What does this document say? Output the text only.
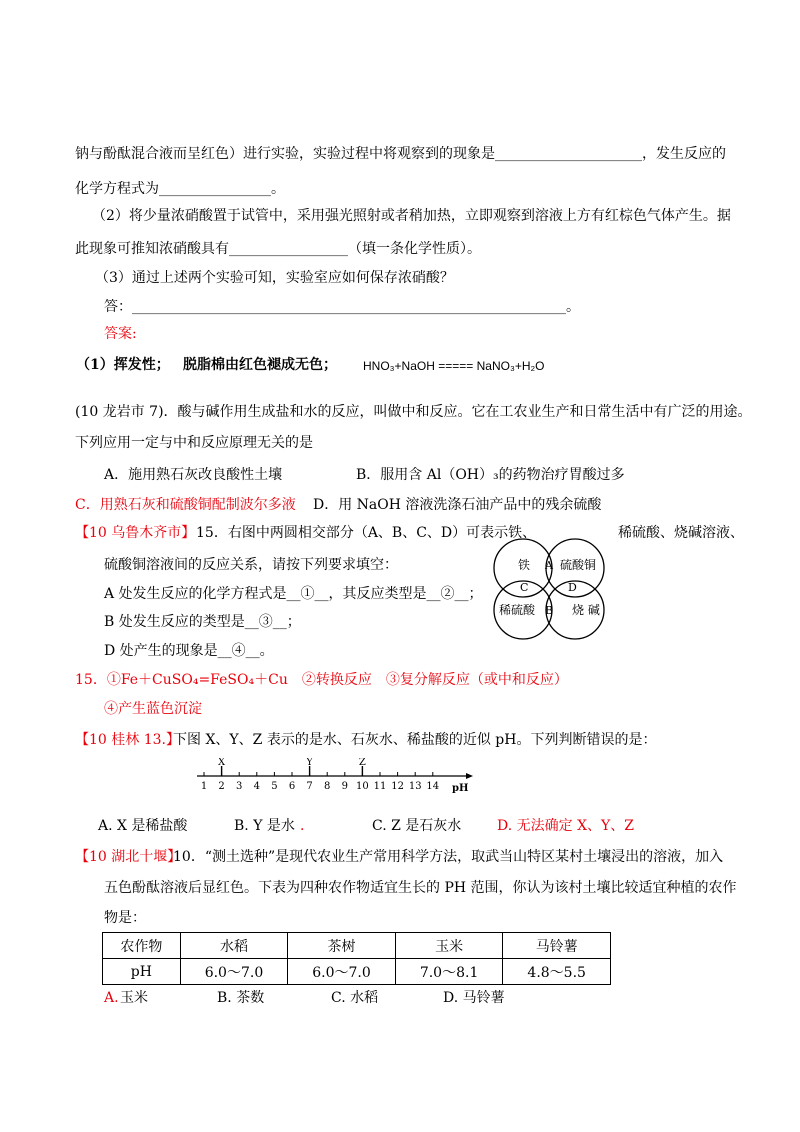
钠与酚酞混合液而呈红色）进行实验，实验过程中将观察到的现象是_____________________，发生反应的
化学方程式为________________。
（2）将少量浓硝酸置于试管中，采用强光照射或者稍加热，立即观察到溶液上方有红棕色气体产生。据
此现象可推知浓硝酸具有_________________（填一条化学性质）。
（3）通过上述两个实验可知，实验室应如何保存浓硝酸？
答：______________________________________________________________。
答案:
（1）挥发性； 脱脂棉由红色褪成无色； HNO₃+NaOH ===== NaNO₃+H₂O
(10 龙岩市 7)．酸与碱作用生成盐和水的反应，叫做中和反应。它在工农业生产和日常生活中有广泛的用途。
下列应用一定与中和反应原理无关的是
A．施用熟石灰改良酸性土壤	B．服用含 Al（OH）₃的药物治疗胃酸过多
C．用熟石灰和硫酸铜配制波尔多液 D．用 NaOH 溶液洗涤石油产品中的残余硫酸
【10 乌鲁木齐市】 15．右图中两圆相交部分（A、B、C、D）可表示铁、	稀硫酸、烧碱溶液、
硫酸铜溶液间的反应关系，请按下列要求填空：
A 处发生反应的化学方程式是__①__，其反应类型是__②__；
B 处发生反应的类型是__③__；
D 处产生的现象是__④__。
铁 硫酸铜
稀硫酸	烧 碱
A
B
C	D
15．①Fe＋CuSO₄=FeSO₄＋Cu　②转换反应　③复分解反应（或中和反应）
④产生蓝色沉淀
【10 桂林 13.】
下图 X、Y、Z 表示的是水、石灰水、稀盐酸的近似 pH。下列判断错误的是：
pH
1 2 3 4 5 6 7 8 9 10 11 12 13 14
X	Y	Z
A. X 是稀盐酸	B. Y 是水 .	C. Z 是石灰水	D. 无法确定 X、Y、Z
【10 湖北十堰】
10．“测土选种”是现代农业生产常用科学方法，取武当山特区某村土壤浸出的溶液，加入
五色酚酞溶液后显红色。下表为四种农作物适宜生长的 PH 范围，你认为该村土壤比较适宜种植的农作
物是：
农作物	水稻	茶树	玉米	马铃薯
pH	6.0～7.0	6.0～7.0	7.0～8.1	4.8～5.5
A. 玉米	B. 茶数	C. 水稻	D. 马铃薯
